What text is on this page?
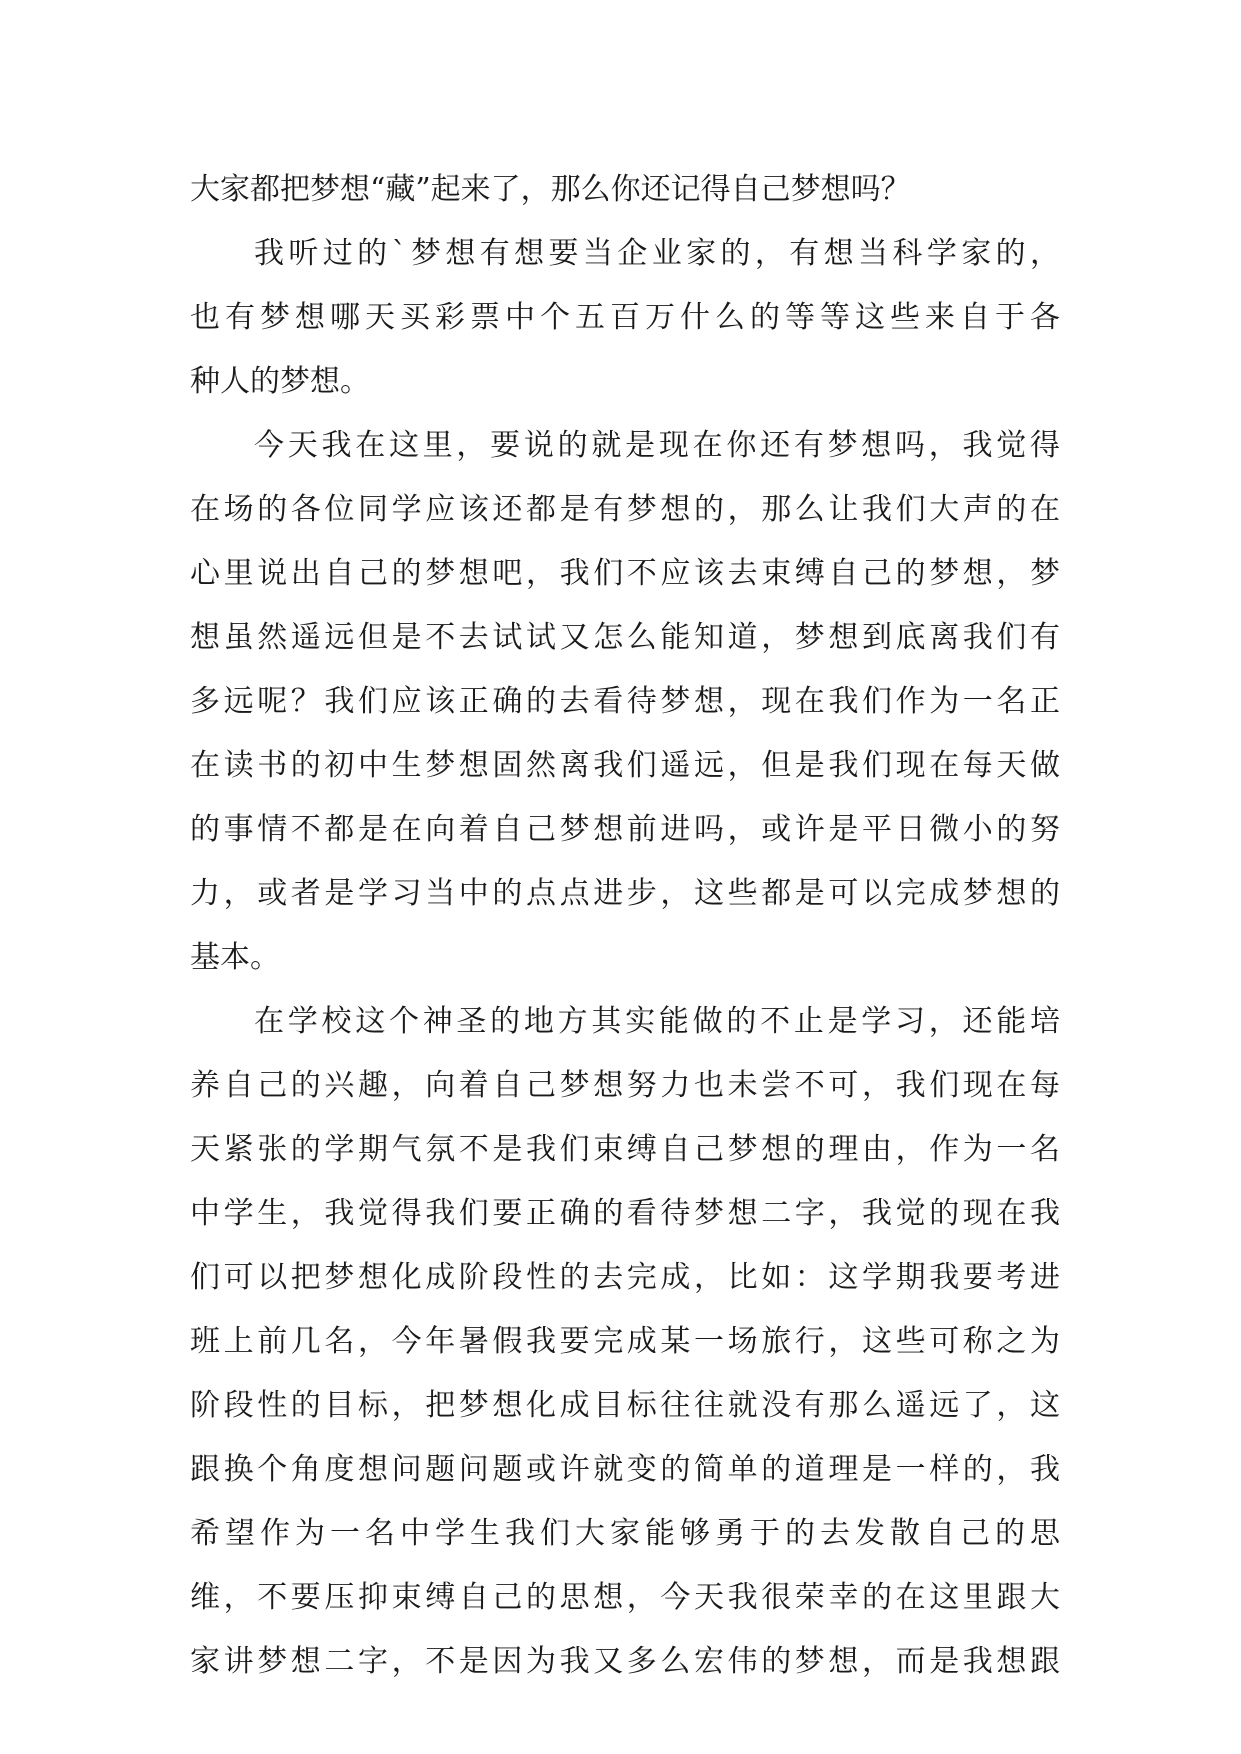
大家都把梦想“藏”起来了，那么你还记得自己梦想吗？
我听过的`梦想有想要当企业家的，有想当科学家的，
也有梦想哪天买彩票中个五百万什么的等等这些来自于各
种人的梦想。
今天我在这里，要说的就是现在你还有梦想吗，我觉得
在场的各位同学应该还都是有梦想的，那么让我们大声的在
心里说出自己的梦想吧，我们不应该去束缚自己的梦想，梦
想虽然遥远但是不去试试又怎么能知道，梦想到底离我们有
多远呢？我们应该正确的去看待梦想，现在我们作为一名正
在读书的初中生梦想固然离我们遥远，但是我们现在每天做
的事情不都是在向着自己梦想前进吗，或许是平日微小的努
力，或者是学习当中的点点进步，这些都是可以完成梦想的
基本。
在学校这个神圣的地方其实能做的不止是学习，还能培
养自己的兴趣，向着自己梦想努力也未尝不可，我们现在每
天紧张的学期气氛不是我们束缚自己梦想的理由，作为一名
中学生，我觉得我们要正确的看待梦想二字，我觉的现在我
们可以把梦想化成阶段性的去完成，比如：这学期我要考进
班上前几名，今年暑假我要完成某一场旅行，这些可称之为
阶段性的目标，把梦想化成目标往往就没有那么遥远了，这
跟换个角度想问题问题或许就变的简单的道理是一样的，我
希望作为一名中学生我们大家能够勇于的去发散自己的思
维，不要压抑束缚自己的思想，今天我很荣幸的在这里跟大
家讲梦想二字，不是因为我又多么宏伟的梦想，而是我想跟
